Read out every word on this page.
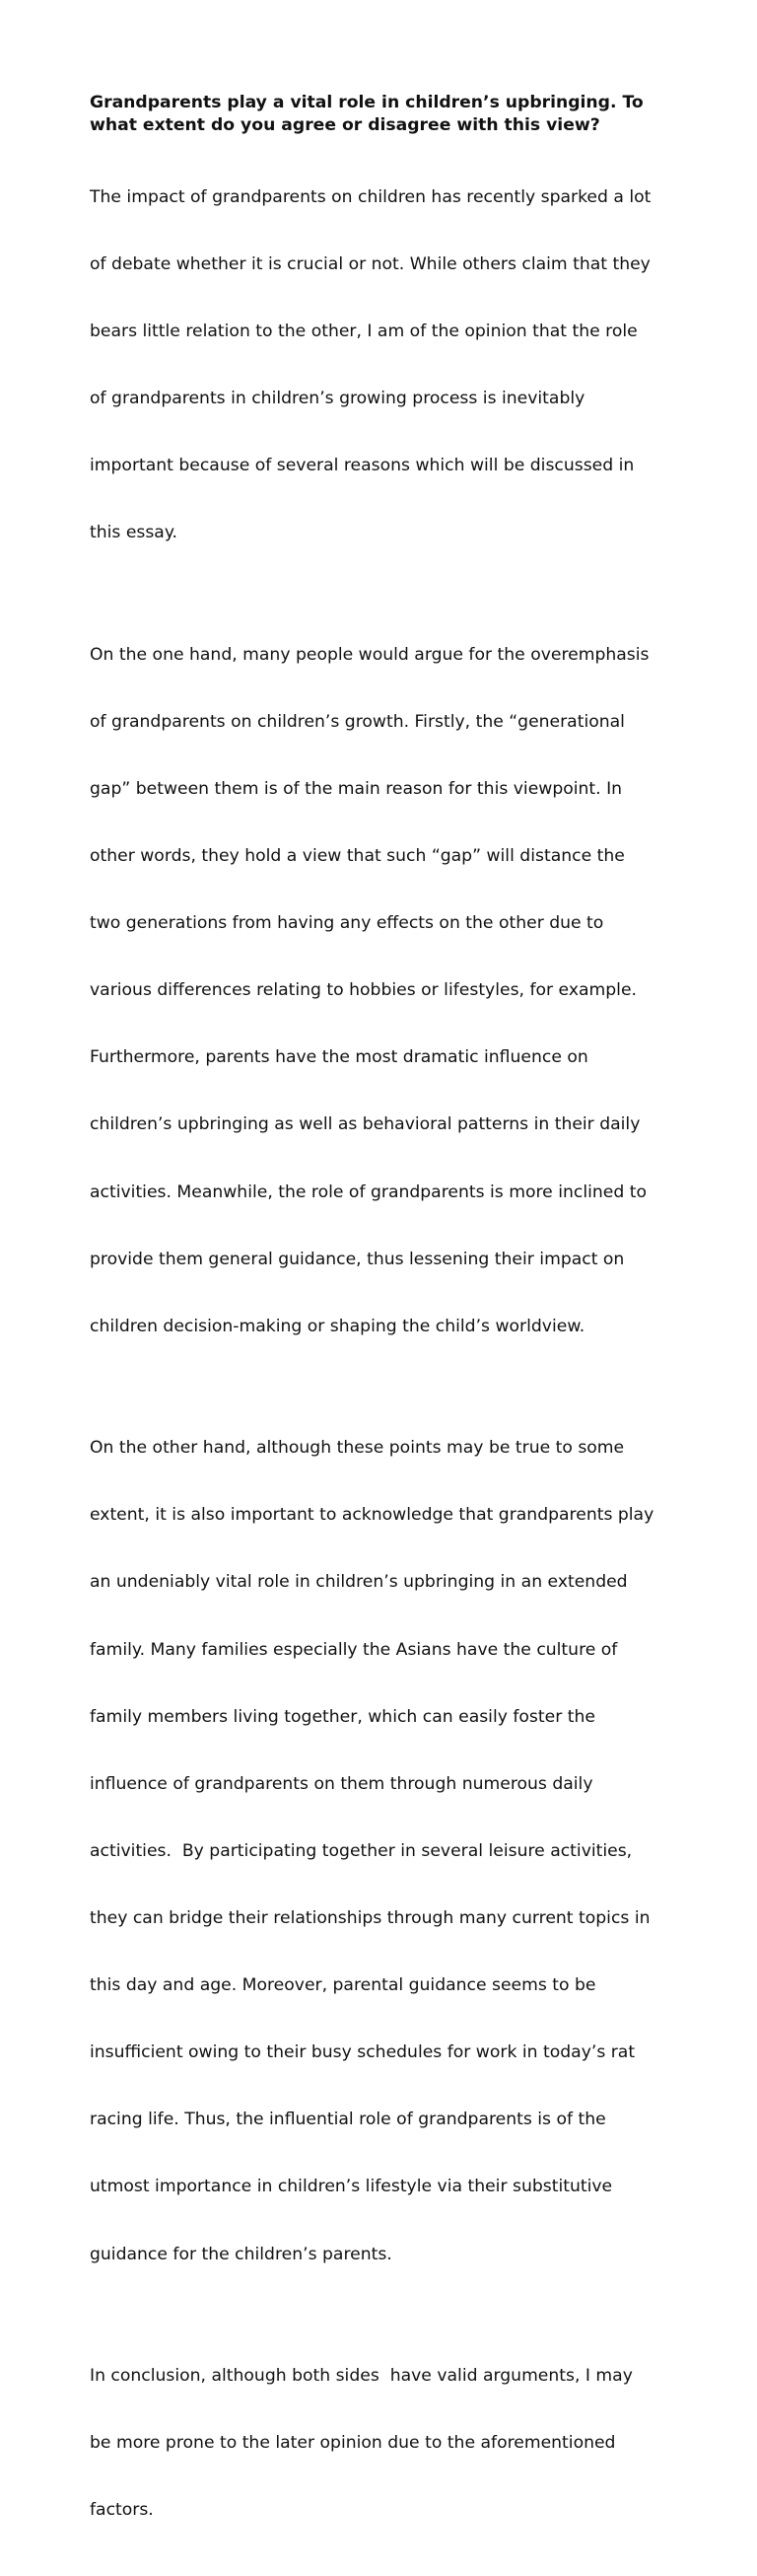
Grandparents play a vital role in children’s upbringing. To
what extent do you agree or disagree with this view?

The impact of grandparents on children has recently sparked a lot

of debate whether it is crucial or not. While others claim that they

bears little relation to the other, I am of the opinion that the role

of grandparents in children’s growing process is inevitably

important because of several reasons which will be discussed in

this essay.

On the one hand, many people would argue for the overemphasis

of grandparents on children’s growth. Firstly, the “generational

gap” between them is of the main reason for this viewpoint. In

other words, they hold a view that such “gap” will distance the

two generations from having any effects on the other due to

various differences relating to hobbies or lifestyles, for example.

Furthermore, parents have the most dramatic influence on

children’s upbringing as well as behavioral patterns in their daily

activities. Meanwhile, the role of grandparents is more inclined to

provide them general guidance, thus lessening their impact on

children decision-making or shaping the child’s worldview.

On the other hand, although these points may be true to some

extent, it is also important to acknowledge that grandparents play

an undeniably vital role in children’s upbringing in an extended

family. Many families especially the Asians have the culture of

family members living together, which can easily foster the

influence of grandparents on them through numerous daily

activities.  By participating together in several leisure activities,

they can bridge their relationships through many current topics in

this day and age. Moreover, parental guidance seems to be

insufficient owing to their busy schedules for work in today’s rat

racing life. Thus, the influential role of grandparents is of the

utmost importance in children’s lifestyle via their substitutive

guidance for the children’s parents.

In conclusion, although both sides  have valid arguments, I may

be more prone to the later opinion due to the aforementioned

factors.
